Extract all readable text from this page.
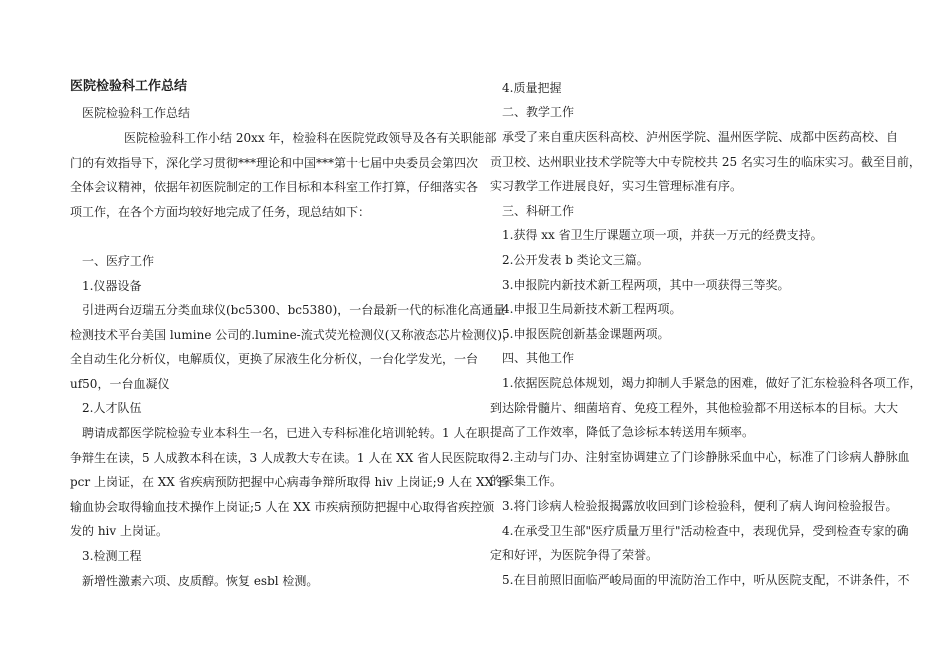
医院检验科工作总结
医院检验科工作总结
医院检验科工作小结 20xx 年，检验科在医院党政领导及各有关职能部
门的有效指导下，深化学习贯彻***理论和中国***第十七届中央委员会第四次
全体会议精神，依据年初医院制定的工作目标和本科室工作打算，仔细落实各
项工作，在各个方面均较好地完成了任务，现总结如下：
一、医疗工作
1.仪器设备
引进两台迈瑞五分类血球仪(bc5300、bc5380)，一台最新一代的标准化高通量
检测技术平台美国 lumine 公司的.lumine-流式荧光检测仪(又称液态芯片检测仪)，
全自动生化分析仪，电解质仪，更换了尿液生化分析仪，一台化学发光，一台
uf50，一台血凝仪
2.人才队伍
聘请成都医学院检验专业本科生一名，已进入专科标准化培训轮转。1 人在职
争辩生在读，5 人成教本科在读，3 人成教大专在读。1 人在 XX 省人民医院取得
pcr 上岗证，在 XX 省疾病预防把握中心病毒争辩所取得 hiv 上岗证;9 人在 XX 省
输血协会取得输血技术操作上岗证;5 人在 XX 市疾病预防把握中心取得省疾控颁
发的 hiv 上岗证。
3.检测工程
新增性激素六项、皮质醇。恢复 esbl 检测。
4.质量把握
二、教学工作
承受了来自重庆医科高校、泸州医学院、温州医学院、成都中医药高校、自
贡卫校、达州职业技术学院等大中专院校共 25 名实习生的临床实习。截至目前，
实习教学工作进展良好，实习生管理标准有序。
三、科研工作
1.获得 xx 省卫生厅课题立项一项，并获一万元的经费支持。
2.公开发表 b 类论文三篇。
3.申报院内新技术新工程两项，其中一项获得三等奖。
4.申报卫生局新技术新工程两项。
5.申报医院创新基金课题两项。
四、其他工作
1.依据医院总体规划，竭力抑制人手紧急的困难，做好了汇东检验科各项工作，
到达除骨髓片、细菌培育、免疫工程外，其他检验都不用送标本的目标。大大
提高了工作效率，降低了急诊标本转送用车频率。
2.主动与门办、注射室协调建立了门诊静脉采血中心，标准了门诊病人静脉血
的采集工作。
3.将门诊病人检验报揭露放收回到门诊检验科，便利了病人询问检验报告。
4.在承受卫生部"医疗质量万里行"活动检查中，表现优异，受到检查专家的确
定和好评，为医院争得了荣誉。
5.在目前照旧面临严峻局面的甲流防治工作中，听从医院支配，不讲条件，不
